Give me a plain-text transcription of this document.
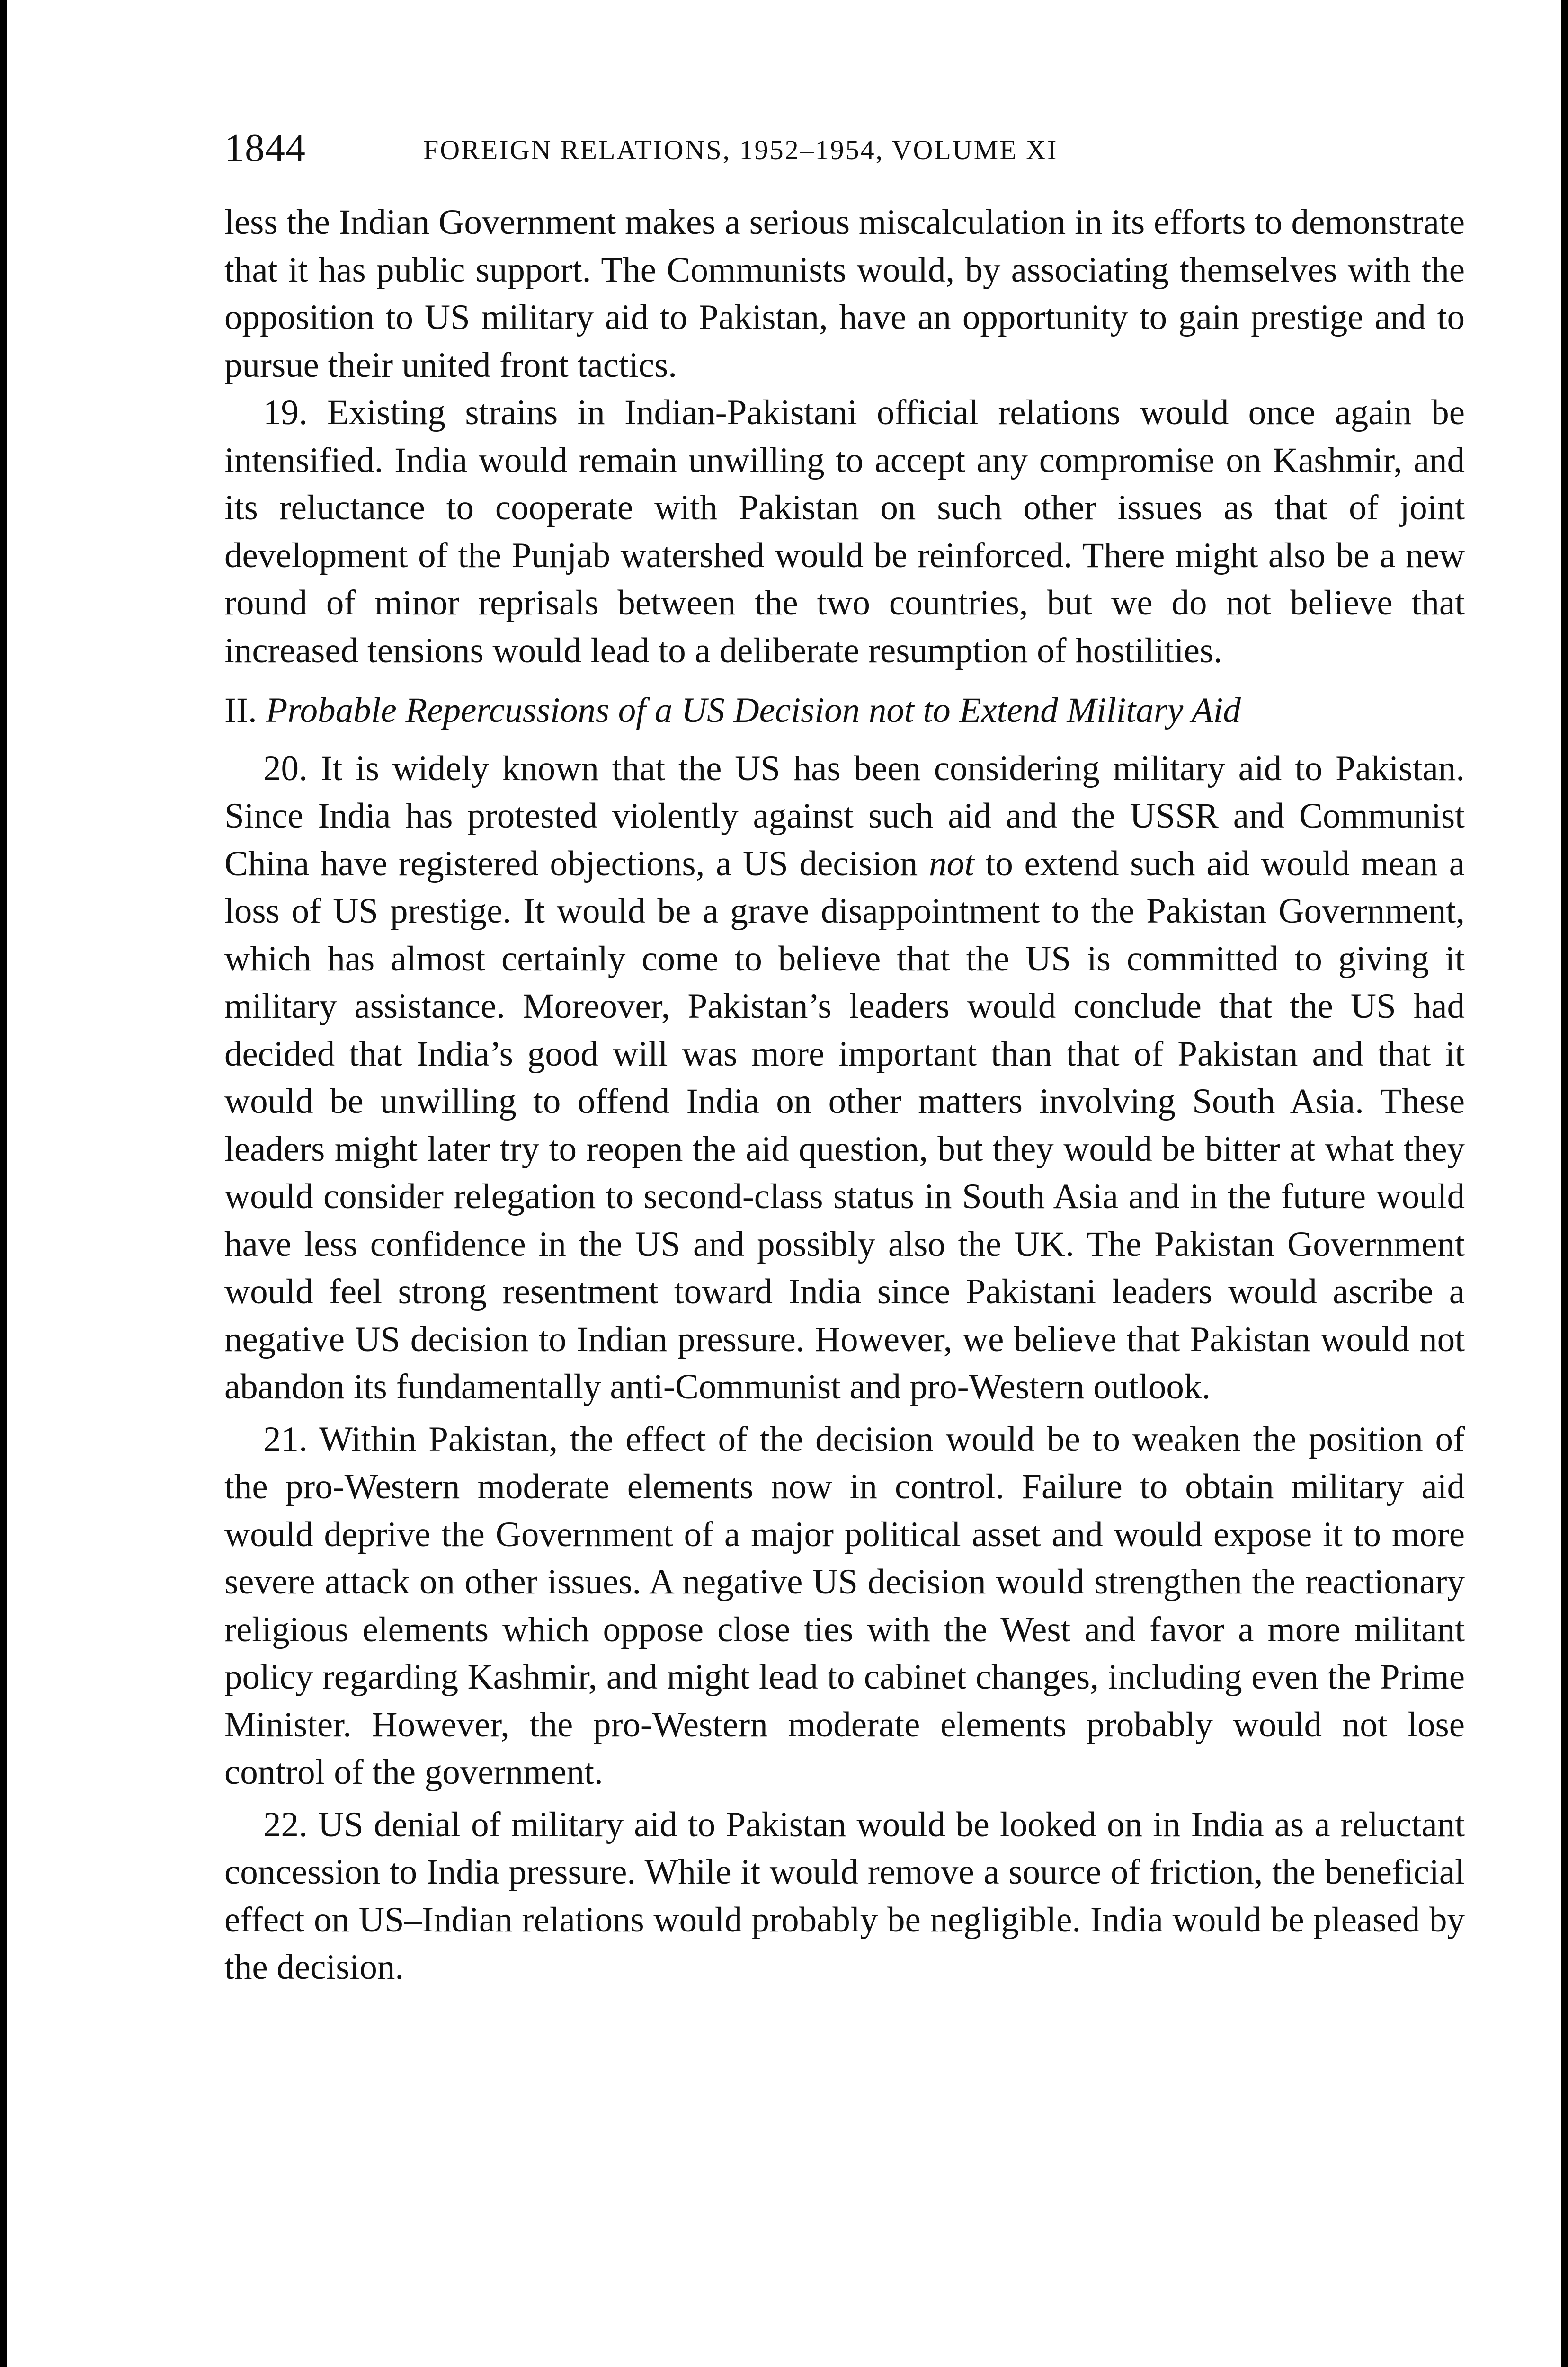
1844	FOREIGN RELATIONS, 1952–1954, VOLUME XI

less the Indian Government makes a serious miscalculation in its efforts to demonstrate that it has public support. The Communists would, by associating themselves with the opposition to US military aid to Pakistan, have an opportunity to gain prestige and to pursue their united front tactics.

19. Existing strains in Indian-Pakistani official relations would once again be intensified. India would remain unwilling to accept any compromise on Kashmir, and its reluctance to cooperate with Pakistan on such other issues as that of joint development of the Punjab watershed would be reinforced. There might also be a new round of minor reprisals between the two countries, but we do not believe that increased tensions would lead to a deliberate resumption of hostilities.

II. Probable Repercussions of a US Decision not to Extend Military Aid

20. It is widely known that the US has been considering military aid to Pakistan. Since India has protested violently against such aid and the USSR and Communist China have registered objections, a US decision not to extend such aid would mean a loss of US prestige. It would be a grave disappointment to the Pakistan Government, which has almost certainly come to believe that the US is committed to giving it military assistance. Moreover, Pakistan’s leaders would conclude that the US had decided that India’s good will was more important than that of Pakistan and that it would be unwilling to offend India on other matters involving South Asia. These leaders might later try to reopen the aid question, but they would be bitter at what they would consider relegation to second-class status in South Asia and in the future would have less confidence in the US and possibly also the UK. The Pakistan Government would feel strong resentment toward India since Pakistani leaders would ascribe a negative US decision to Indian pressure. However, we believe that Pakistan would not abandon its fundamentally anti-Communist and pro-Western outlook.

21. Within Pakistan, the effect of the decision would be to weaken the position of the pro-Western moderate elements now in control. Failure to obtain military aid would deprive the Government of a major political asset and would expose it to more severe attack on other issues. A negative US decision would strengthen the reactionary religious elements which oppose close ties with the West and favor a more militant policy regarding Kashmir, and might lead to cabinet changes, including even the Prime Minister. However, the pro-Western moderate elements probably would not lose control of the government.

22. US denial of military aid to Pakistan would be looked on in India as a reluctant concession to India pressure. While it would remove a source of friction, the beneficial effect on US–Indian relations would probably be negligible. India would be pleased by the decision.
